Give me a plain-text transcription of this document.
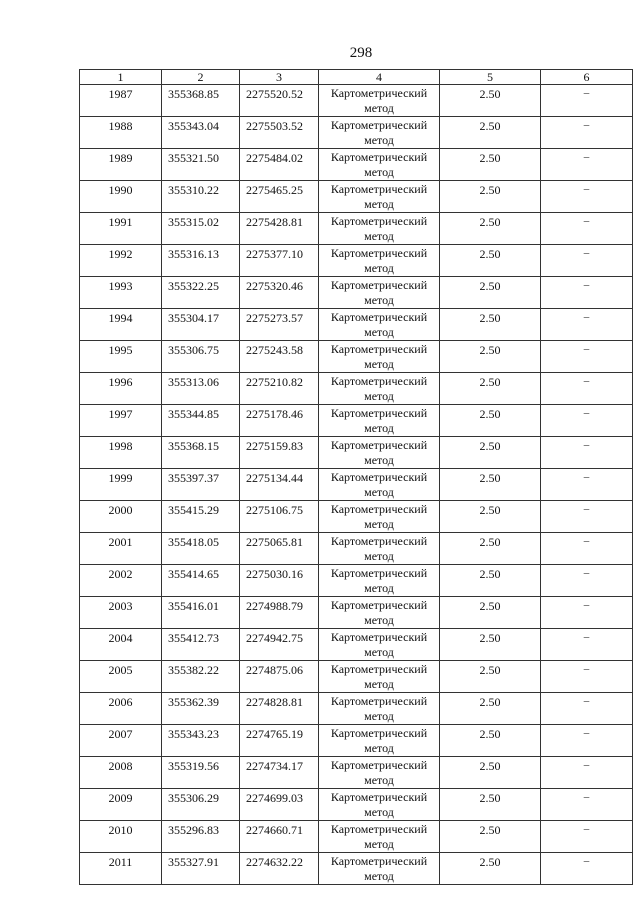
298
1	2	3	4	5	6
1987	355368.85	2275520.52	Картометрический метод	2.50	–
1988	355343.04	2275503.52	Картометрический метод	2.50	–
1989	355321.50	2275484.02	Картометрический метод	2.50	–
1990	355310.22	2275465.25	Картометрический метод	2.50	–
1991	355315.02	2275428.81	Картометрический метод	2.50	–
1992	355316.13	2275377.10	Картометрический метод	2.50	–
1993	355322.25	2275320.46	Картометрический метод	2.50	–
1994	355304.17	2275273.57	Картометрический метод	2.50	–
1995	355306.75	2275243.58	Картометрический метод	2.50	–
1996	355313.06	2275210.82	Картометрический метод	2.50	–
1997	355344.85	2275178.46	Картометрический метод	2.50	–
1998	355368.15	2275159.83	Картометрический метод	2.50	–
1999	355397.37	2275134.44	Картометрический метод	2.50	–
2000	355415.29	2275106.75	Картометрический метод	2.50	–
2001	355418.05	2275065.81	Картометрический метод	2.50	–
2002	355414.65	2275030.16	Картометрический метод	2.50	–
2003	355416.01	2274988.79	Картометрический метод	2.50	–
2004	355412.73	2274942.75	Картометрический метод	2.50	–
2005	355382.22	2274875.06	Картометрический метод	2.50	–
2006	355362.39	2274828.81	Картометрический метод	2.50	–
2007	355343.23	2274765.19	Картометрический метод	2.50	–
2008	355319.56	2274734.17	Картометрический метод	2.50	–
2009	355306.29	2274699.03	Картометрический метод	2.50	–
2010	355296.83	2274660.71	Картометрический метод	2.50	–
2011	355327.91	2274632.22	Картометрический метод	2.50	–
